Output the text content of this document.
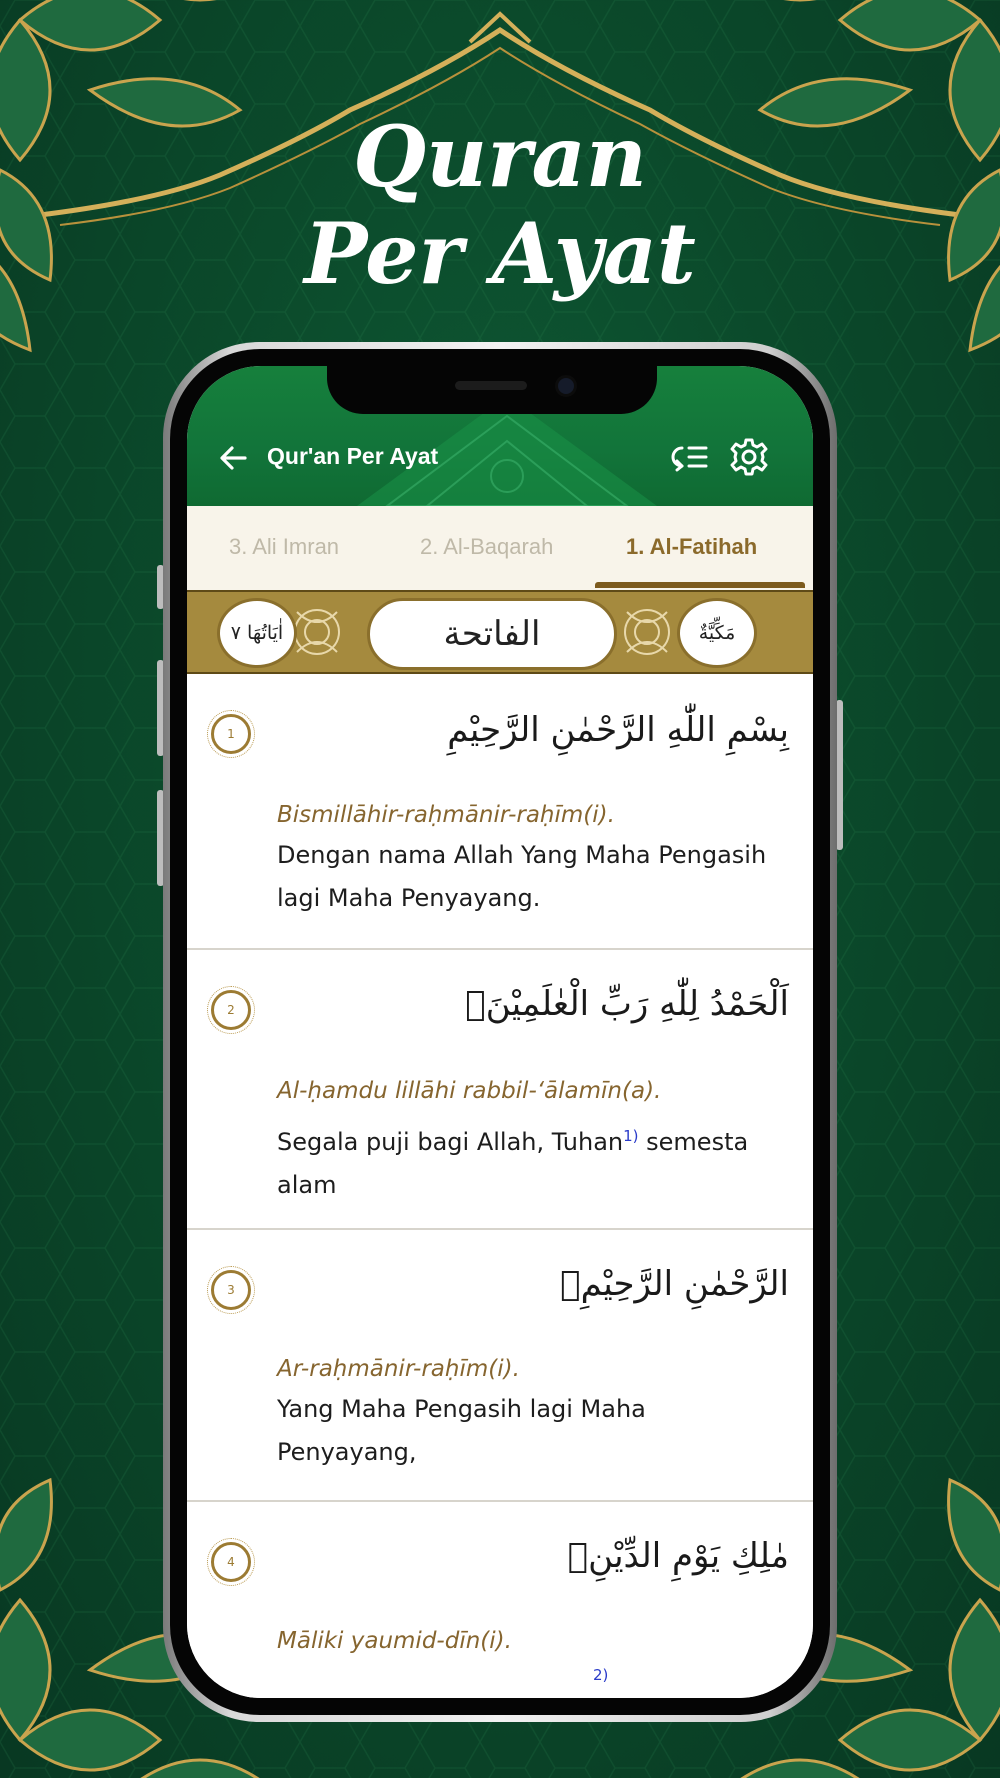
Quran
Per Ayat
Qur'an Per Ayat
3. Ali Imran	2. Al-Baqarah	1. Al-Fatihah
اٰيَاتُهَا ٧	الفاتحة	مَكِّيَّةٌ
1	بِسْمِ اللّٰهِ الرَّحْمٰنِ الرَّحِيْمِ
Bismillāhir-raḥmānir-raḥīm(i).
Dengan nama Allah Yang Maha Pengasih lagi Maha Penyayang.
2	اَلْحَمْدُ لِلّٰهِ رَبِّ الْعٰلَمِيْنَۙ
Al-ḥamdu lillāhi rabbil-‘ālamīn(a).
Segala puji bagi Allah, Tuhan$^{1)}$ semesta alam
3	الرَّحْمٰنِ الرَّحِيْمِۙ
Ar-raḥmānir-raḥīm(i).
Yang Maha Pengasih lagi Maha Penyayang,
4	مٰلِكِ يَوْمِ الدِّيْنِۗ
Māliki yaumid-dīn(i).
2)
